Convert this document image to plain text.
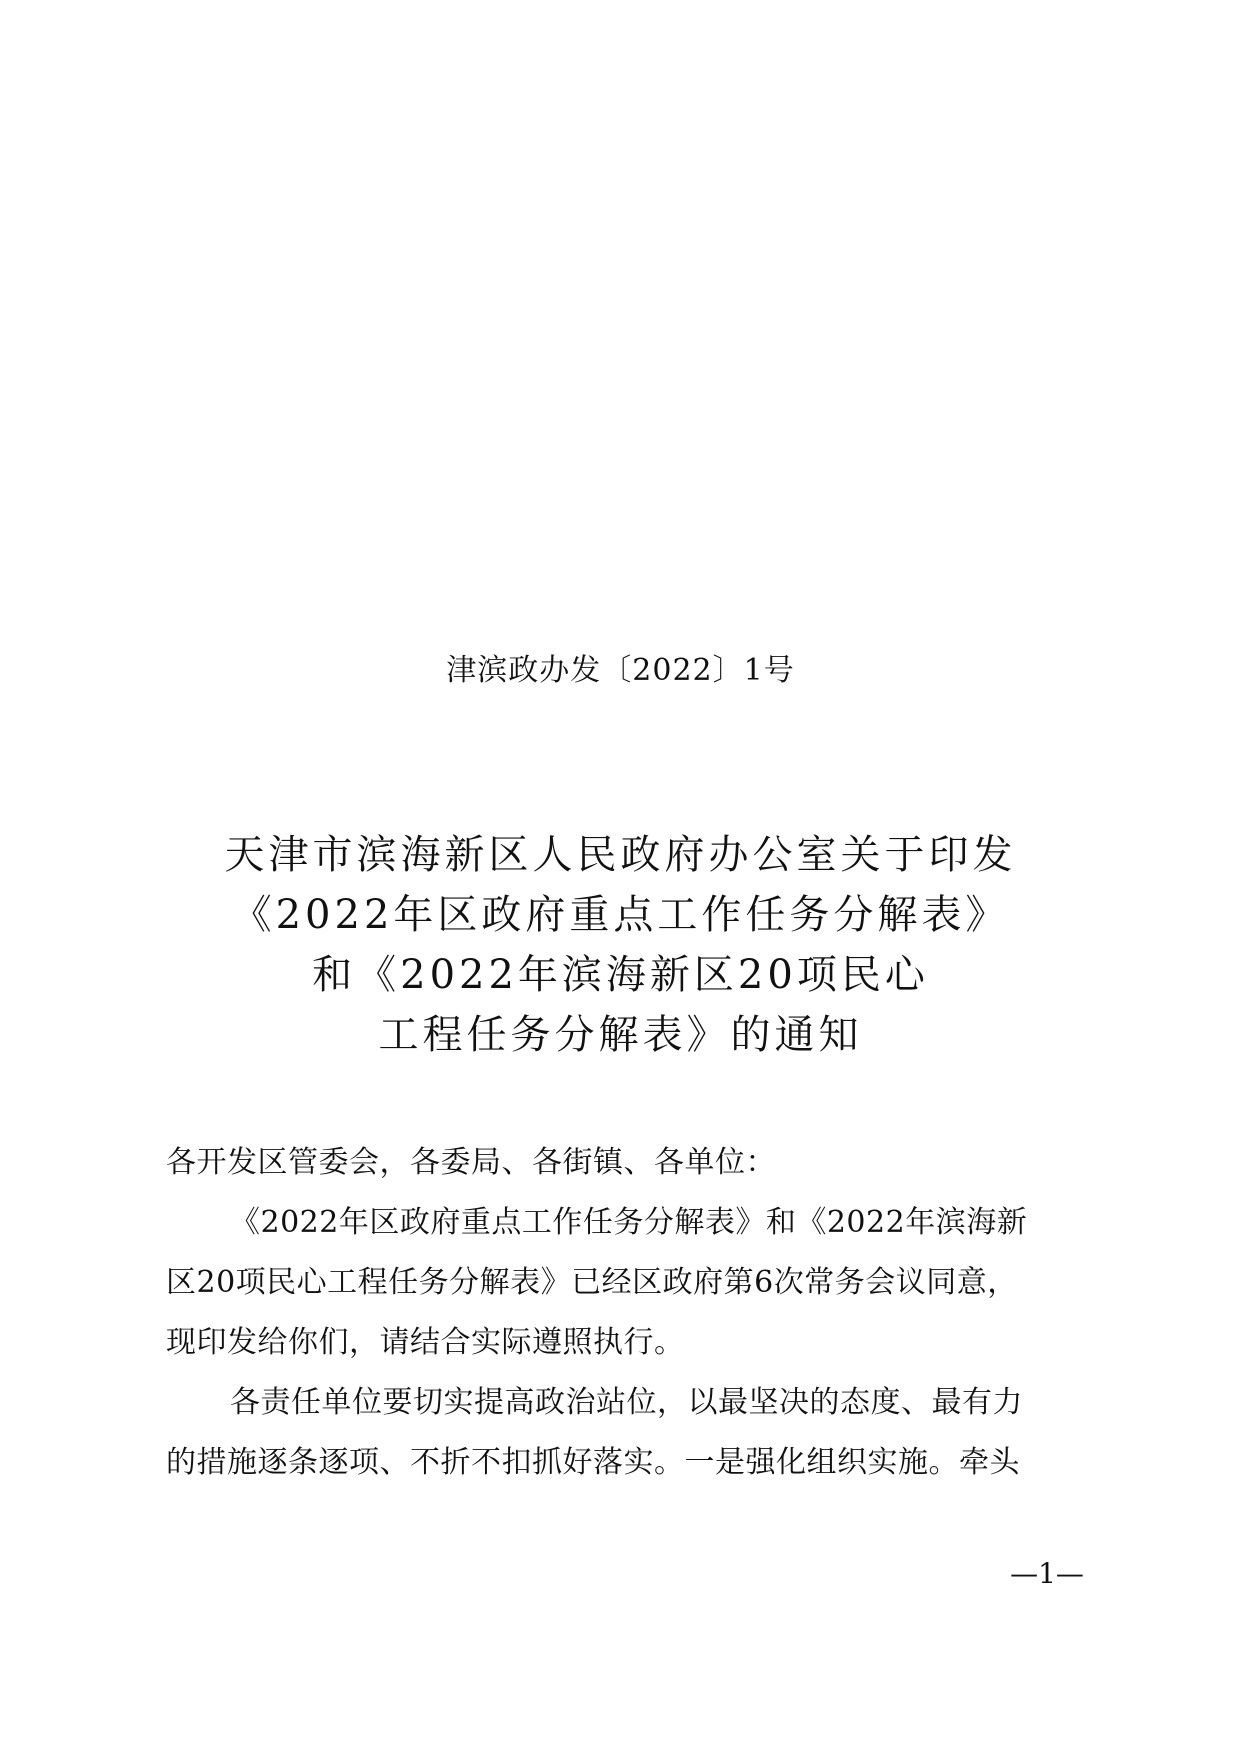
津滨政办发〔2022〕1号
天津市滨海新区人民政府办公室关于印发
《2022年区政府重点工作任务分解表》
和《2022年滨海新区20项民心
工程任务分解表》的通知
各开发区管委会，各委局、各街镇、各单位：
《2022年区政府重点工作任务分解表》和《2022年滨海新
区20项民心工程任务分解表》已经区政府第6次常务会议同意，
现印发给你们，请结合实际遵照执行。
各责任单位要切实提高政治站位，以最坚决的态度、最有力
的措施逐条逐项、不折不扣抓好落实。一是强化组织实施。牵头
—1—
